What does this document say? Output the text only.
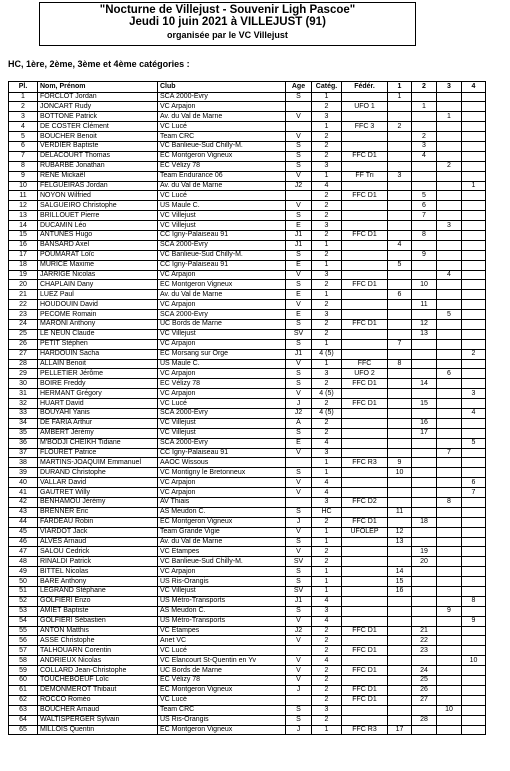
"Nocturne de Villejust - Souvenir Ligh Pascoe"
Jeudi 10 juin 2021 à VILLEJUST (91)
organisée par le VC Villejust
HC, 1ère, 2ème, 3ème et 4ème catégories :
Pl.	Nom, Prénom	Club	Age	Catég.	Fédér.	1	2	3	4
1	FORCLOT Jordan	SCA 2000-Evry	S	1		1			
2	JONCART Rudy	VC Arpajon		2	UFO 1		1		
3	BOTTONE Patrick	Av. du Val de Marne	V	3				1	
4	DE COSTER Clément	VC Lucé		1	FFC 3	2			
5	BOUCHER Benoit	Team CRC	V	2			2		
6	VERDIER Baptiste	VC Banlieue-Sud Chilly-M.	S	2			3		
7	DELACOURT Thomas	EC Montgeron Vigneux	S	2	FFC D1		4		
8	RUBARBE Jonathan	EC Vélizy 78	S	3				2	
9	RENE Mickaël	Team Endurance 06	V	1	FF Tri	3			
10	FELGUEIRAS Jordan	Av. du Val de Marne	J2	4					1
11	NOYON Wilfried	VC Lucé		2	FFC D1		5		
12	SALGUEIRO Christophe	US Maule C.	V	2			6		
13	BRILLOUET Pierre	VC Villejust	S	2			7		
14	DUCAMIN Léo	VC Villejust	E	3				3	
15	ANTUNES Hugo	CC Igny-Palaiseau 91	J1	2	FFC D1		8		
16	BANSARD Axel	SCA 2000-Evry	J1	1		4			
17	POUMARAT Loïc	VC Banlieue-Sud Chilly-M.	S	2			9		
18	MURICE Maxime	CC Igny-Palaiseau 91	E	1		5			
19	JARRIGE Nicolas	VC Arpajon	V	3				4	
20	CHAPLAIN Dany	EC Montgeron Vigneux	S	2	FFC D1		10		
21	LUEZ Paul	Av. du Val de Marne	E	1		6			
22	HOUDOUIN David	VC Arpajon	V	2			11		
23	PECOME Romain	SCA 2000-Evry	E	3				5	
24	MARONI Anthony	UC Bords de Marne	S	2	FFC D1		12		
25	LE NEUN Claude	VC Villejust	SV	2			13		
26	PETIT Stéphen	VC Arpajon	S	1		7			
27	HARDOUIN Sacha	EC Morsang sur Orge	J1	4 (5)					2
28	ALLAIN Benoit	US Maule C.	V	1	FFC	8			
29	PELLETIER Jérôme	VC Arpajon	S	3	UFO 2			6	
30	BOIRE Freddy	EC Vélizy 78	S	2	FFC D1		14		
31	HERMANT Grégory	VC Arpajon	V	4 (5)					3
32	HUART David	VC Lucé	J	2	FFC D1		15		
33	BOUYAHI Yanis	SCA 2000-Evry	J2	4 (5)					4
34	DE FARIA Arthur	VC Villejust	A	2			16		
35	AMBERT Jérémy	VC Villejust	S	2			17		
36	M'BODJI CHEIKH Tidiane	SCA 2000-Evry	E	4					5
37	FLOURET Patrice	CC Igny-Palaiseau 91	V	3				7	
38	MARTINS-JOAQUIM Emmanuel	AAOC Wissous		1	FFC R3	9			
39	DURAND Christophe	VC Montigny le Bretonneux	S	1		10			
40	VALLAR David	VC Arpajon	V	4					6
41	GAUTRET Willy	VC Arpajon	V	4					7
42	BENHAMOU Jérémy	AV Thiais		3	FFC D2			8	
43	BRENNER Eric	AS Meudon C.	S	HC		11			
44	FARDEAU Robin	EC Montgeron Vigneux	J	2	FFC D1		18		
45	VIARDOT Jack	Team Grande Vigie	V	1	UFOLEP	12			
46	ALVES Arnaud	Av. du Val de Marne	S	1		13			
47	SALOU Cedrick	VC Etampes	V	2			19		
48	RINALDI Patrick	VC Banlieue-Sud Chilly-M.	SV	2			20		
49	BITTEL Nicolas	VC Arpajon	S	1		14			
50	BARE Anthony	US Ris-Orangis	S	1		15			
51	LEGRAND Stéphane	VC Villejust	SV	1		16			
52	GOLFIERI Enzo	US Métro-Transports	J1	4					8
53	AMIET Baptiste	AS Meudon C.	S	3				9	
54	GOLFIERI Sébastien	US Métro-Transports	V	4					9
55	ANTON Matthis	VC Etampes	J2	2	FFC D1		21		
56	ASSE Christophe	Anet VC	V	2			22		
57	TALHOUARN Corentin	VC Lucé		2	FFC D1		23		
58	ANDRIEUX Nicolas	VC Elancourt St-Quentin en Yv	V	4					10
59	COLLARD Jean-Christophe	UC Bords de Marne	V	2	FFC D1		24		
60	TOUCHEBOEUF Loïc	EC Vélizy 78	V	2			25		
61	DEMONMEROT Thibaut	EC Montgeron Vigneux	J	2	FFC D1		26		
62	ROCCO Roméo	VC Lucé		2	FFC D1		27		
63	BOUCHER Arnaud	Team CRC	S	3				10	
64	WALTISPERGER Sylvain	US Ris-Orangis	S	2			28		
65	MILLOIS Quentin	EC Montgeron Vigneux	J	1	FFC R3	17			
